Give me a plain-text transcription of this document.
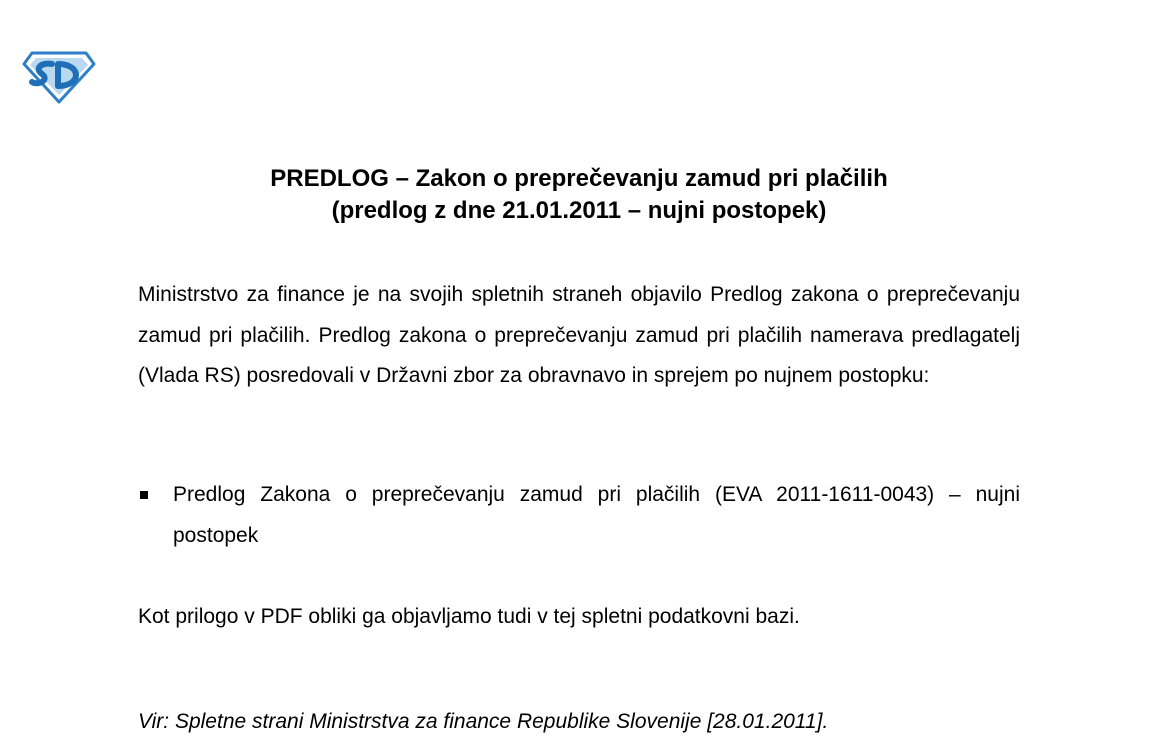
PREDLOG – Zakon o preprečevanju zamud pri plačilih
(predlog z dne 21.01.2011 – nujni postopek)

Ministrstvo za finance je na svojih spletnih straneh objavilo Predlog zakona o preprečevanju zamud pri plačilih. Predlog zakona o preprečevanju zamud pri plačilih namerava predlagatelj (Vlada RS) posredovali v Državni zbor za obravnavo in sprejem po nujnem postopku:

Predlog Zakona o preprečevanju zamud pri plačilih (EVA 2011-1611-0043) – nujni postopek

Kot prilogo v PDF obliki ga objavljamo tudi v tej spletni podatkovni bazi.

Vir: Spletne strani Ministrstva za finance Republike Slovenije [28.01.2011].
